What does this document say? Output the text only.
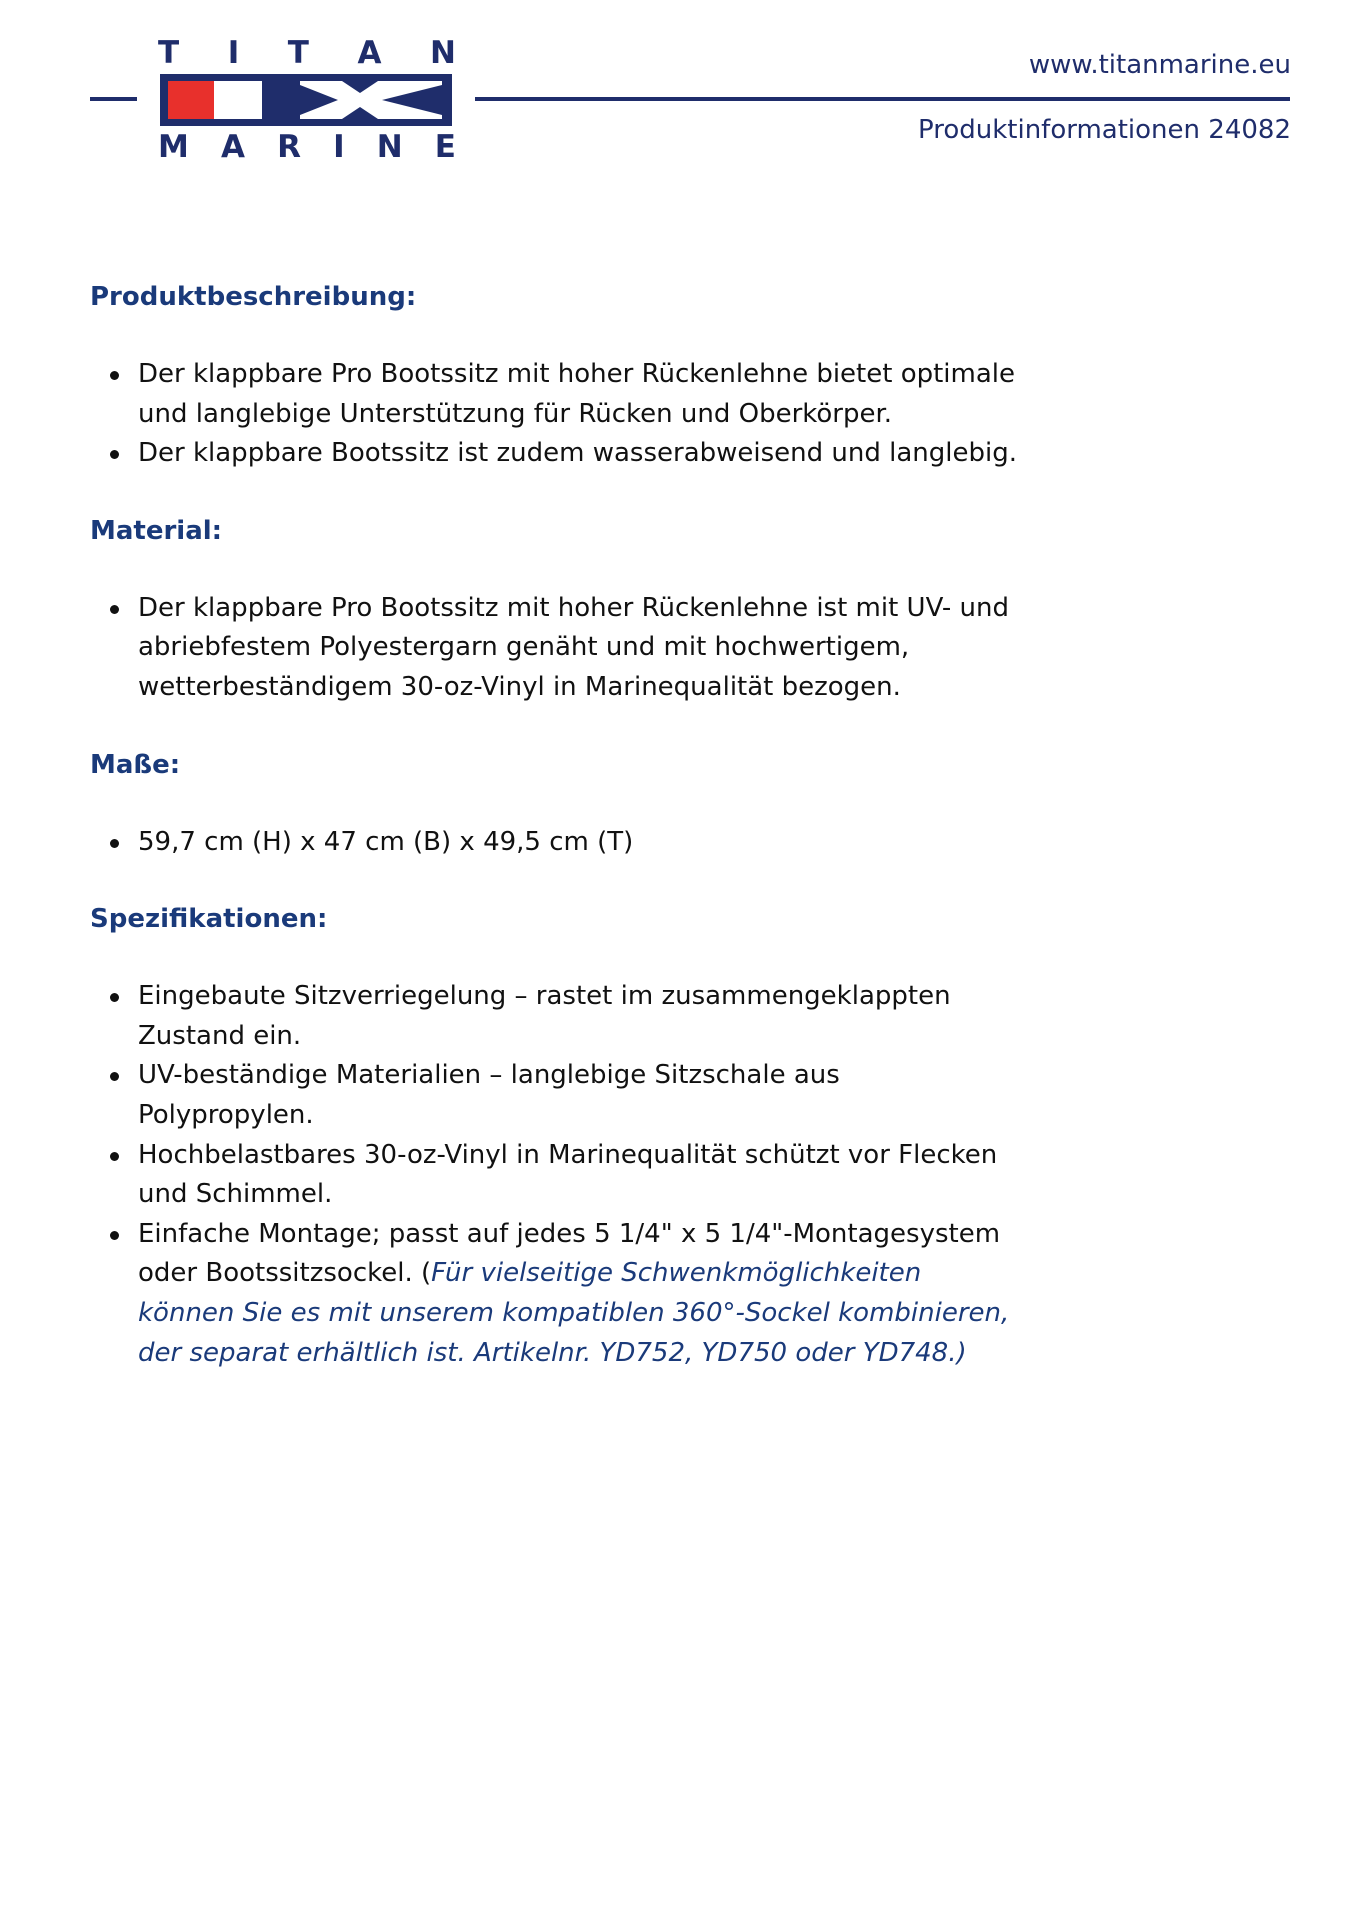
T I T A N
M A R I N E
www.titanmarine.eu
Produktinformationen 24082
Produktbeschreibung:
Der klappbare Pro Bootssitz mit hoher Rückenlehne bietet optimale und langlebige Unterstützung für Rücken und Oberkörper.
Der klappbare Bootssitz ist zudem wasserabweisend und langlebig.
Material:
Der klappbare Pro Bootssitz mit hoher Rückenlehne ist mit UV- und abriebfestem Polyestergarn genäht und mit hochwertigem, wetterbeständigem 30-oz-Vinyl in Marinequalität bezogen.
Maße:
59,7 cm (H) x 47 cm (B) x 49,5 cm (T)
Spezifikationen:
Eingebaute Sitzverriegelung – rastet im zusammengeklappten Zustand ein.
UV-beständige Materialien – langlebige Sitzschale aus Polypropylen.
Hochbelastbares 30-oz-Vinyl in Marinequalität schützt vor Flecken und Schimmel.
Einfache Montage; passt auf jedes 5 1/4" x 5 1/4"-Montagesystem oder Bootssitzsockel. (Für vielseitige Schwenkmöglichkeiten können Sie es mit unserem kompatiblen 360°-Sockel kombinieren, der separat erhältlich ist. Artikelnr. YD752, YD750 oder YD748.)
